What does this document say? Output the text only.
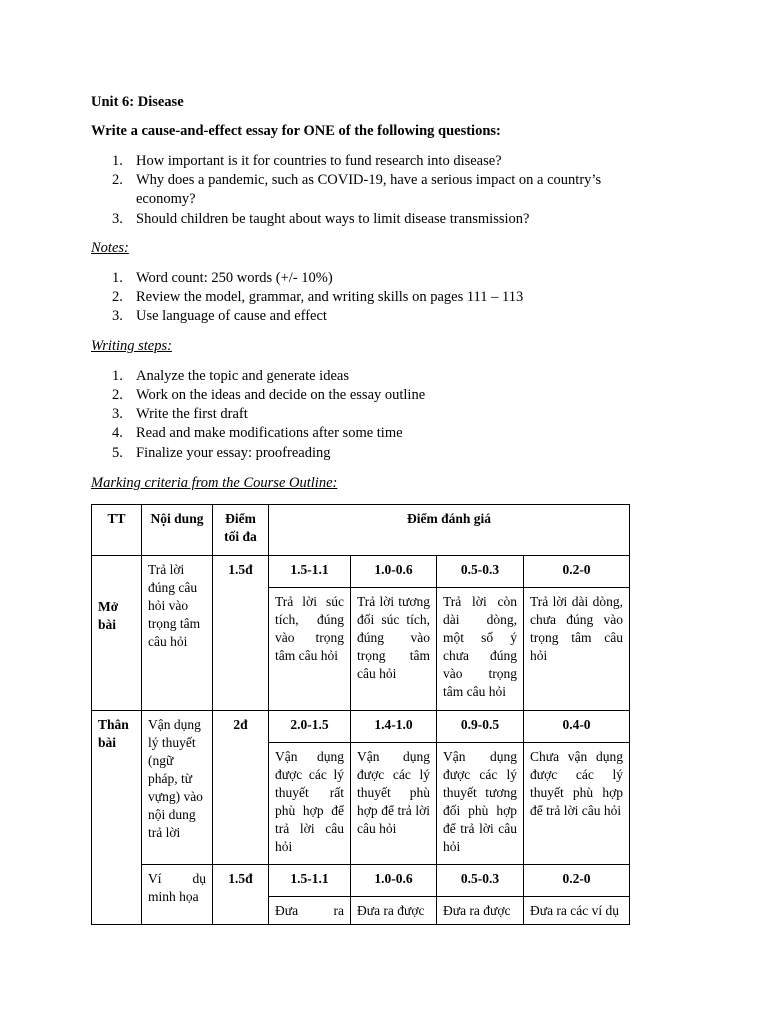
Unit 6: Disease
Write a cause-and-effect essay for ONE of the following questions:
1. How important is it for countries to fund research into disease?
2. Why does a pandemic, such as COVID-19, have a serious impact on a country’s
economy?
3. Should children be taught about ways to limit disease transmission?
Notes:
1. Word count: 250 words (+/- 10%)
2. Review the model, grammar, and writing skills on pages 111 – 113
3. Use language of cause and effect
Writing steps:
1. Analyze the topic and generate ideas
2. Work on the ideas and decide on the essay outline
3. Write the first draft
4. Read and make modifications after some time
5. Finalize your essay: proofreading
Marking criteria from the Course Outline:
TT	Nội dung	Điểm tối đa	Điểm đánh giá			

Mở bài	Trả lời đúng câu hỏi vào trọng tâm câu hỏi	1.5đ	1.5-1.1	1.0-0.6	0.5-0.3	0.2-0

			Trả lời súc tích, đúng vào trọng tâm câu hỏi	Trả lời tương đối súc tích, đúng vào trọng tâm câu hỏi	Trả lời còn dài dòng, một số ý chưa đúng vào trọng tâm câu hỏi	Trả lời dài dòng, chưa đúng vào trọng tâm câu hỏi

Thân bài	Vận dụng lý thuyết (ngữ pháp, từ vựng) vào nội dung trả lời	2đ	2.0-1.5	1.4-1.0	0.9-0.5	0.4-0

			Vận dụng được các lý thuyết rất phù hợp để trả lời câu hỏi	Vận dụng được các lý thuyết phù hợp để trả lời câu hỏi	Vận dụng được các lý thuyết tương đối phù hợp để trả lời câu hỏi	Chưa vận dụng được các lý thuyết phù hợp để trả lời câu hỏi

	Ví dụ minh họa	1.5đ	1.5-1.1	1.0-0.6	0.5-0.3	0.2-0

			Đưa ra	Đưa ra được	Đưa ra được	Đưa ra các ví dụ
